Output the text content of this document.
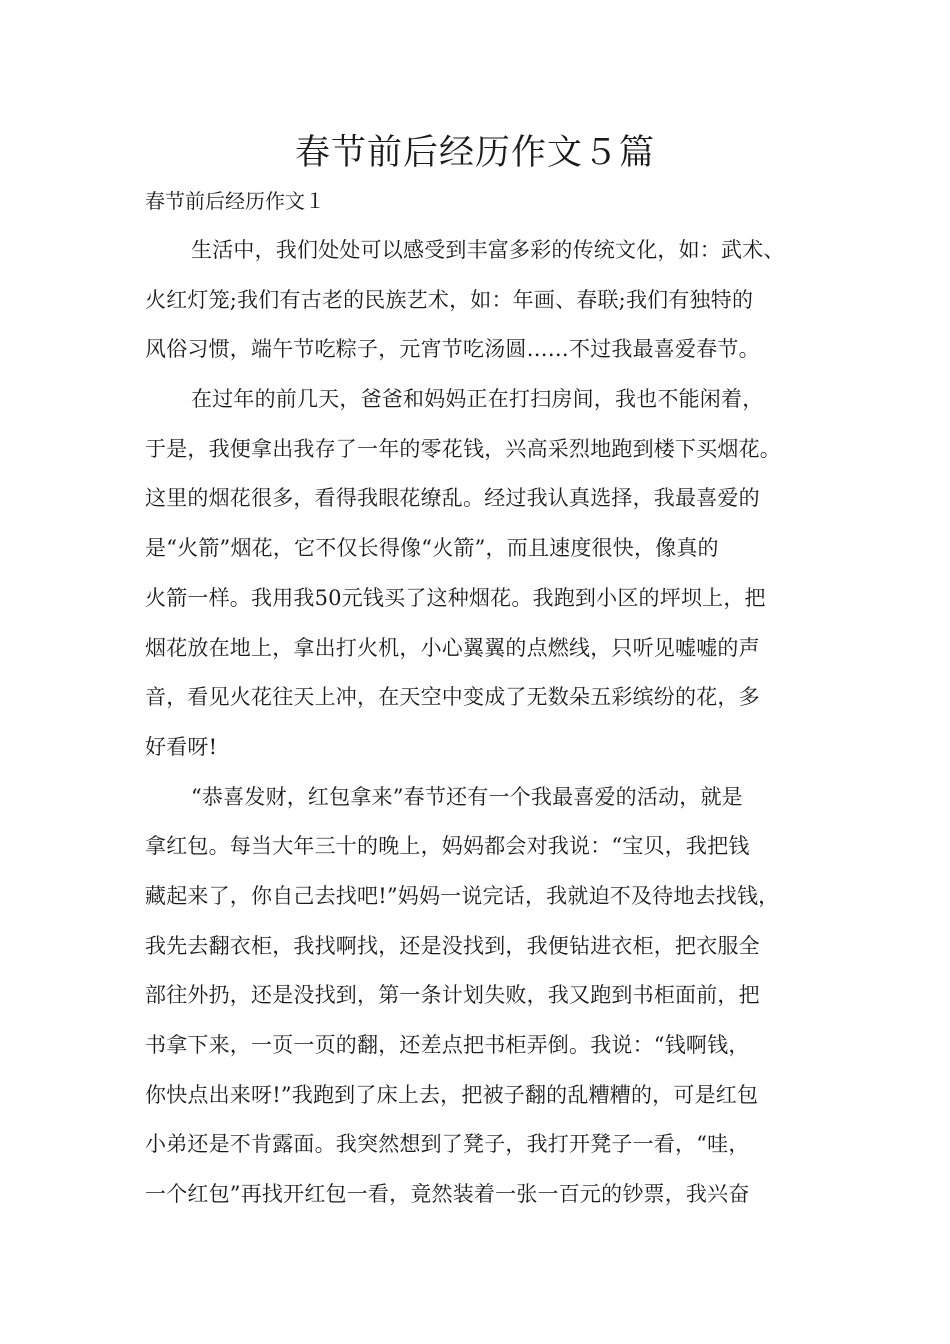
春节前后经历作文５篇
春节前后经历作文１
生活中，我们处处可以感受到丰富多彩的传统文化，如：武术、
火红灯笼;我们有古老的民族艺术，如：年画、春联;我们有独特的
风俗习惯，端午节吃粽子，元宵节吃汤圆……不过我最喜爱春节。
在过年的前几天，爸爸和妈妈正在打扫房间，我也不能闲着，
于是，我便拿出我存了一年的零花钱，兴高采烈地跑到楼下买烟花。
这里的烟花很多，看得我眼花缭乱。经过我认真选择，我最喜爱的
是“火箭”烟花，它不仅长得像“火箭”，而且速度很快，像真的
火箭一样。我用我50元钱买了这种烟花。我跑到小区的坪坝上，把
烟花放在地上，拿出打火机，小心翼翼的点燃线，只听见嘘嘘的声
音，看见火花往天上冲，在天空中变成了无数朵五彩缤纷的花，多
好看呀!
“恭喜发财，红包拿来”春节还有一个我最喜爱的活动，就是
拿红包。每当大年三十的晚上，妈妈都会对我说：“宝贝，我把钱
藏起来了，你自己去找吧!”妈妈一说完话，我就迫不及待地去找钱，
我先去翻衣柜，我找啊找，还是没找到，我便钻进衣柜，把衣服全
部往外扔，还是没找到，第一条计划失败，我又跑到书柜面前，把
书拿下来，一页一页的翻，还差点把书柜弄倒。我说：“钱啊钱，
你快点出来呀!”我跑到了床上去，把被子翻的乱糟糟的，可是红包
小弟还是不肯露面。我突然想到了凳子，我打开凳子一看，“哇，
一个红包”再找开红包一看，竟然装着一张一百元的钞票，我兴奋
